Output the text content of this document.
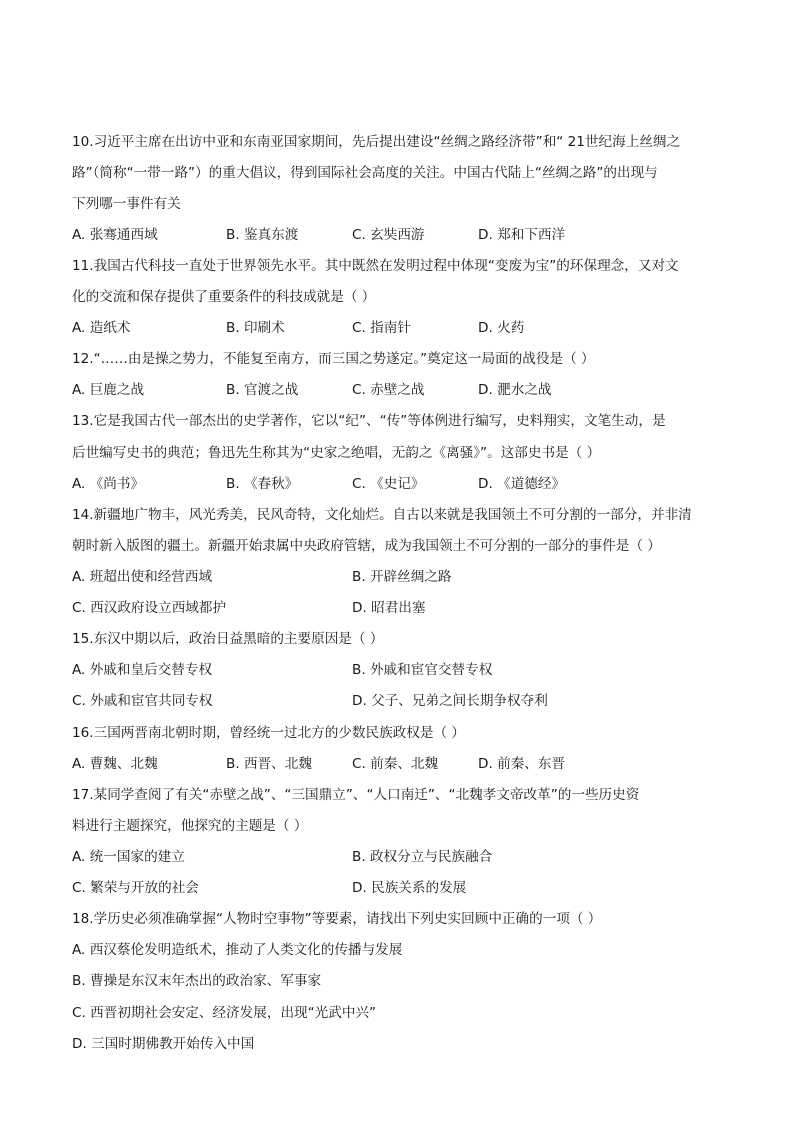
10.习近平主席在出访中亚和东南亚国家期间，先后提出建设“丝绸之路经济带”和“ 21世纪海上丝绸之
路”（简称“一带一路”）的重大倡议，得到国际社会高度的关注。中国古代陆上“丝绸之路”的出现与
下列哪一事件有关
A. 张骞通西域	B. 鉴真东渡	C. 玄奘西游	D. 郑和下西洋
11.我国古代科技一直处于世界领先水平。其中既然在发明过程中体现“变废为宝”的环保理念，又对文
化的交流和保存提供了重要条件的科技成就是（ ）
A. 造纸术	B. 印刷术	C. 指南针	D. 火药
12.“……由是操之势力，不能复至南方，而三国之势遂定。”奠定这一局面的战役是（ ）
A. 巨鹿之战	B. 官渡之战	C. 赤壁之战	D. 淝水之战
13.它是我国古代一部杰出的史学著作，它以“纪”、“传”等体例进行编写，史料翔实，文笔生动，是
后世编写史书的典范；鲁迅先生称其为“史家之绝唱，无韵之《离骚》”。这部史书是（ ）
A. 《尚书》	B. 《春秋》	C. 《史记》	D. 《道德经》
14.新疆地广物丰，风光秀美，民风奇特，文化灿烂。自古以来就是我国领土不可分割的一部分，并非清
朝时新入版图的疆土。新疆开始隶属中央政府管辖，成为我国领土不可分割的一部分的事件是（ ）
A. 班超出使和经营西域	B. 开辟丝绸之路
C. 西汉政府设立西域都护	D. 昭君出塞
15.东汉中期以后，政治日益黑暗的主要原因是（ ）
A. 外戚和皇后交替专权	B. 外戚和宦官交替专权
C. 外戚和宦官共同专权	D. 父子、兄弟之间长期争权夺利
16.三国两晋南北朝时期，曾经统一过北方的少数民族政权是（ ）
A. 曹魏、北魏	B. 西晋、北魏	C. 前秦、北魏	D. 前秦、东晋
17.某同学查阅了有关“赤壁之战”、“三国鼎立”、“人口南迁”、“北魏孝文帝改革”的一些历史资
料进行主题探究，他探究的主题是（ ）
A. 统一国家的建立	B. 政权分立与民族融合
C. 繁荣与开放的社会	D. 民族关系的发展
18.学历史必须准确掌握“人物时空事物”等要素，请找出下列史实回顾中正确的一项（ ）
A. 西汉蔡伦发明造纸术，推动了人类文化的传播与发展
B. 曹操是东汉末年杰出的政治家、军事家
C. 西晋初期社会安定、经济发展，出现“光武中兴”
D. 三国时期佛教开始传入中国
